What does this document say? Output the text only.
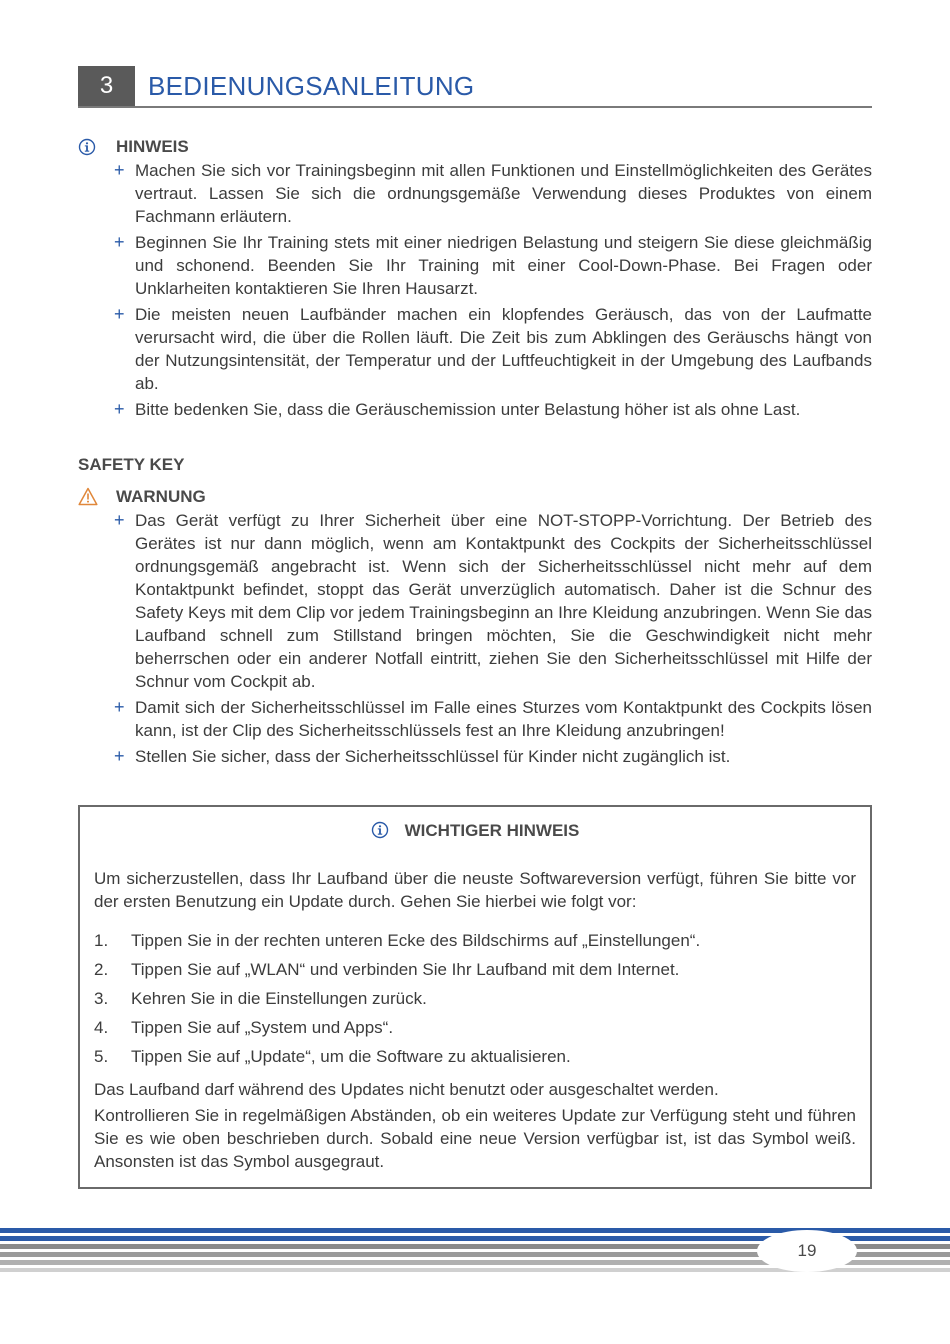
3	BEDIENUNGSANLEITUNG
HINWEIS
+ Machen Sie sich vor Trainingsbeginn mit allen Funktionen und Einstellmöglichkeiten des Gerätes vertraut. Lassen Sie sich die ordnungsgemäße Verwendung dieses Produktes von einem Fachmann erläutern.
+ Beginnen Sie Ihr Training stets mit einer niedrigen Belastung und steigern Sie diese gleichmäßig und schonend. Beenden Sie Ihr Training mit einer Cool-Down-Phase. Bei Fragen oder Unklarheiten kontaktieren Sie Ihren Hausarzt.
+ Die meisten neuen Laufbänder machen ein klopfendes Geräusch, das von der Laufmatte verursacht wird, die über die Rollen läuft. Die Zeit bis zum Abklingen des Geräuschs hängt von der Nutzungsintensität, der Temperatur und der Luftfeuchtigkeit in der Umgebung des Laufbands ab.
+ Bitte bedenken Sie, dass die Geräuschemission unter Belastung höher ist als ohne Last.
SAFETY KEY
WARNUNG
+ Das Gerät verfügt zu Ihrer Sicherheit über eine NOT-STOPP-Vorrichtung. Der Betrieb des Gerätes ist nur dann möglich, wenn am Kontaktpunkt des Cockpits der Sicherheitsschlüssel ordnungsgemäß angebracht ist. Wenn sich der Sicherheitsschlüssel nicht mehr auf dem Kontaktpunkt befindet, stoppt das Gerät unverzüglich automatisch. Daher ist die Schnur des Safety Keys mit dem Clip vor jedem Trainingsbeginn an Ihre Kleidung anzubringen. Wenn Sie das Laufband schnell zum Stillstand bringen möchten, Sie die Geschwindigkeit nicht mehr beherrschen oder ein anderer Notfall eintritt, ziehen Sie den Sicherheitsschlüssel mit Hilfe der Schnur vom Cockpit ab.
+ Damit sich der Sicherheitsschlüssel im Falle eines Sturzes vom Kontaktpunkt des Cockpits lösen kann, ist der Clip des Sicherheitsschlüssels fest an Ihre Kleidung anzubringen!
+ Stellen Sie sicher, dass der Sicherheitsschlüssel für Kinder nicht zugänglich ist.
WICHTIGER HINWEIS

Um sicherzustellen, dass Ihr Laufband über die neuste Softwareversion verfügt, führen Sie bitte vor der ersten Benutzung ein Update durch. Gehen Sie hierbei wie folgt vor:

1. Tippen Sie in der rechten unteren Ecke des Bildschirms auf „Einstellungen“.
2. Tippen Sie auf „WLAN“ und verbinden Sie Ihr Laufband mit dem Internet.
3. Kehren Sie in die Einstellungen zurück.
4. Tippen Sie auf „System und Apps“.
5. Tippen Sie auf „Update“, um die Software zu aktualisieren.

Das Laufband darf während des Updates nicht benutzt oder ausgeschaltet werden.

Kontrollieren Sie in regelmäßigen Abständen, ob ein weiteres Update zur Verfügung steht und führen Sie es wie oben beschrieben durch. Sobald eine neue Version verfügbar ist, ist das Symbol weiß. Ansonsten ist das Symbol ausgegraut.

19
